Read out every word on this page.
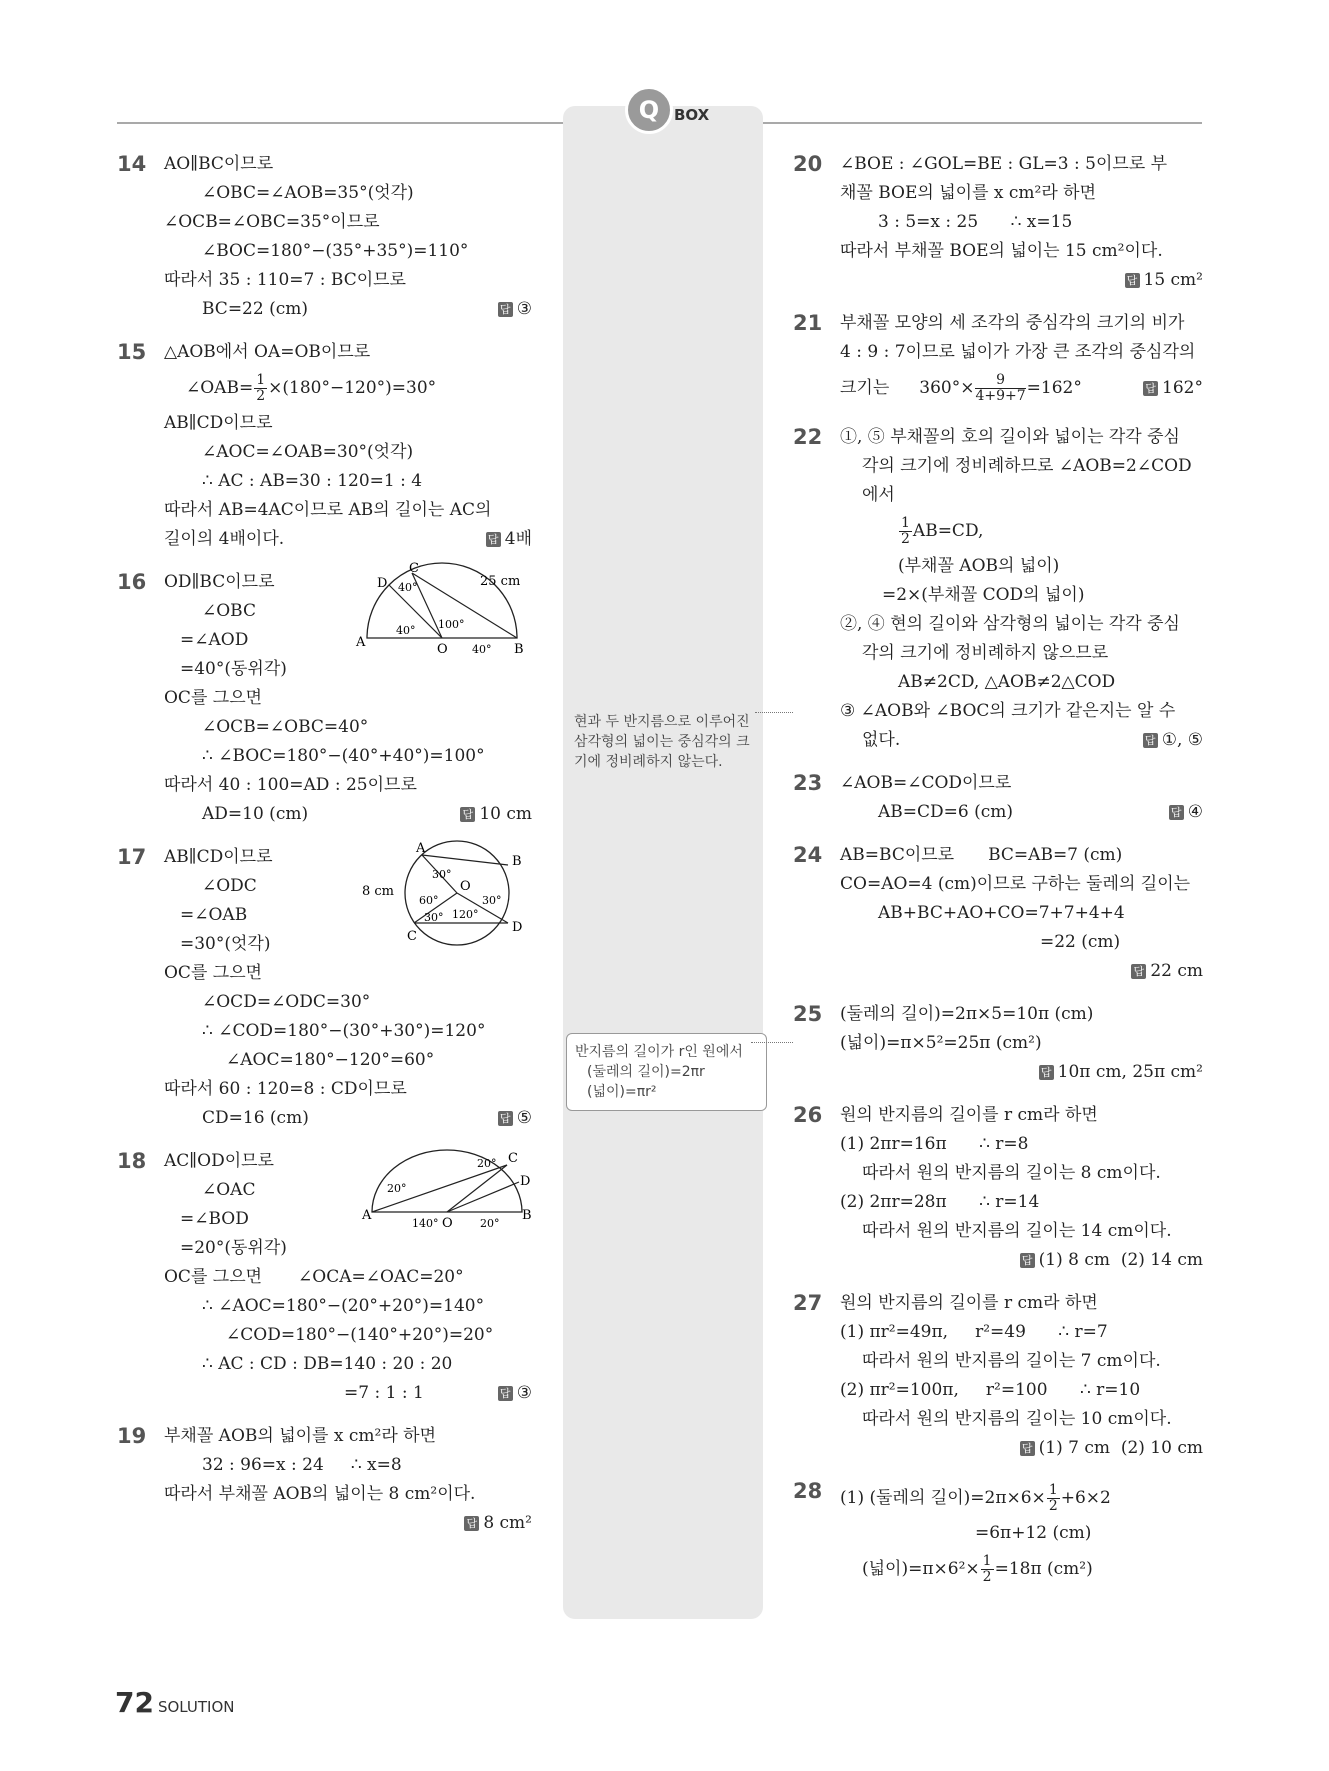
Q BOX
14 AO∥BC이므로
∠OBC=∠AOB=35°(엇각)
∠OCB=∠OBC=35°이므로
∠BOC=180°−(35°+35°)=110°
따라서 35 : 110=7 : BC이므로
BC=22 (cm)	답 ③
15 △AOB에서 OA=OB이므로
∠OAB= $\frac{1}{2} \times(180^\circ-120^\circ)=30^\circ$
AB∥CD이므로
∠AOC=∠OAB=30°(엇각)
∴ AC : AB=30 : 120=1 : 4
따라서 AB=4AC이므로 AB의 길이는 AC의
길이의 4배이다.	답 4배
16
C
D
A	O	B
25 cm
40°
40° 100°
40°
OD∥BC이므로
∠OBC
=∠AOD
=40°(동위각)
OC를 그으면
∠OCB=∠OBC=40°
∴ ∠BOC=180°−(40°+40°)=100°
따라서 40 : 100=AD : 25이므로
AD=10 (cm)	답 10 cm
17	A
B
C
D
O
8 cm
30°
60°	30°
30° 120°
AB∥CD이므로
∠ODC
=∠OAB
=30°(엇각)
OC를 그으면
∠OCD=∠ODC=30°
∴ ∠COD=180°−(30°+30°)=120°
∠AOC=180°−120°=60°
따라서 60 : 120=8 : CD이므로
CD=16 (cm)	답 ⑤
18
A	B
C
D
O
20°
20°
140°	20°
AC∥OD이므로
∠OAC
=∠BOD
=20°(동위각)
OC를 그으면 ∠OCA=∠OAC=20°
∴ ∠AOC=180°−(20°+20°)=140°
∠COD=180°−(140°+20°)=20°
∴ AC : CD : DB=140 : 20 : 20
=7 : 1 : 1	답 ③
19 부채꼴 AOB의 넓이를 x cm²라 하면
32 : 96=x : 24     ∴ x=8
따라서 부채꼴 AOB의 넓이는 8 cm²이다.
답 8 cm²
현과 두 반지름으로 이루어진 삼각형의 넓이는 중심각의 크기에 정비례하지 않는다.
반지름의 길이가 r인 원에서
(둘레의 길이)=2πr
(넓이)=πr²
20 ∠BOE : ∠GOL=BE : GL=3 : 5이므로 부
채꼴 BOE의 넓이를 x cm²라 하면
3 : 5=x : 25      ∴ x=15
따라서 부채꼴 BOE의 넓이는 15 cm²이다.
답 15 cm²
21 부채꼴 모양의 세 조각의 중심각의 크기의 비가
4 : 9 : 7이므로 넓이가 가장 큰 조각의 중심각의
크기는 $360^\circ\times \frac{9}{4+9+7} =162^\circ$	답 162°
22 ①, ⑤ 부채꼴의 호의 길이와 넓이는 각각 중심
각의 크기에 정비례하므로 ∠AOB=2∠COD
에서
$\frac{1}{2} AB=CD$,
(부채꼴 AOB의 넓이)
=2×(부채꼴 COD의 넓이)
②, ④ 현의 길이와 삼각형의 넓이는 각각 중심
각의 크기에 정비례하지 않으므로
AB≠2CD, △AOB≠2△COD
③ ∠AOB와 ∠BOC의 크기가 같은지는 알 수
없다.	답 ①, ⑤
23 ∠AOB=∠COD이므로
AB=CD=6 (cm)	답 ④
24 AB=BC이므로 BC=AB=7 (cm)
CO=AO=4 (cm)이므로 구하는 둘레의 길이는
AB+BC+AO+CO=7+7+4+4
=22 (cm)
답 22 cm
25 (둘레의 길이)=2π×5=10π (cm)
(넓이)=π×5²=25π (cm²)
답 10π cm, 25π cm²
26 원의 반지름의 길이를 r cm라 하면
(1) 2πr=16π      ∴ r=8
따라서 원의 반지름의 길이는 8 cm이다.
(2) 2πr=28π      ∴ r=14
따라서 원의 반지름의 길이는 14 cm이다.
답 (1) 8 cm  (2) 14 cm
27 원의 반지름의 길이를 r cm라 하면
(1) πr²=49π,     r²=49      ∴ r=7
따라서 원의 반지름의 길이는 7 cm이다.
(2) πr²=100π,     r²=100      ∴ r=10
따라서 원의 반지름의 길이는 10 cm이다.
답 (1) 7 cm  (2) 10 cm
28 (1) (둘레의 길이)$=2\pi\times 6\times \frac{1}{2} +6\times 2$
=6π+12 (cm)
(넓이)$=\pi\times 6^2\times \frac{1}{2} =18\pi$ (cm²)
72 SOLUTION
